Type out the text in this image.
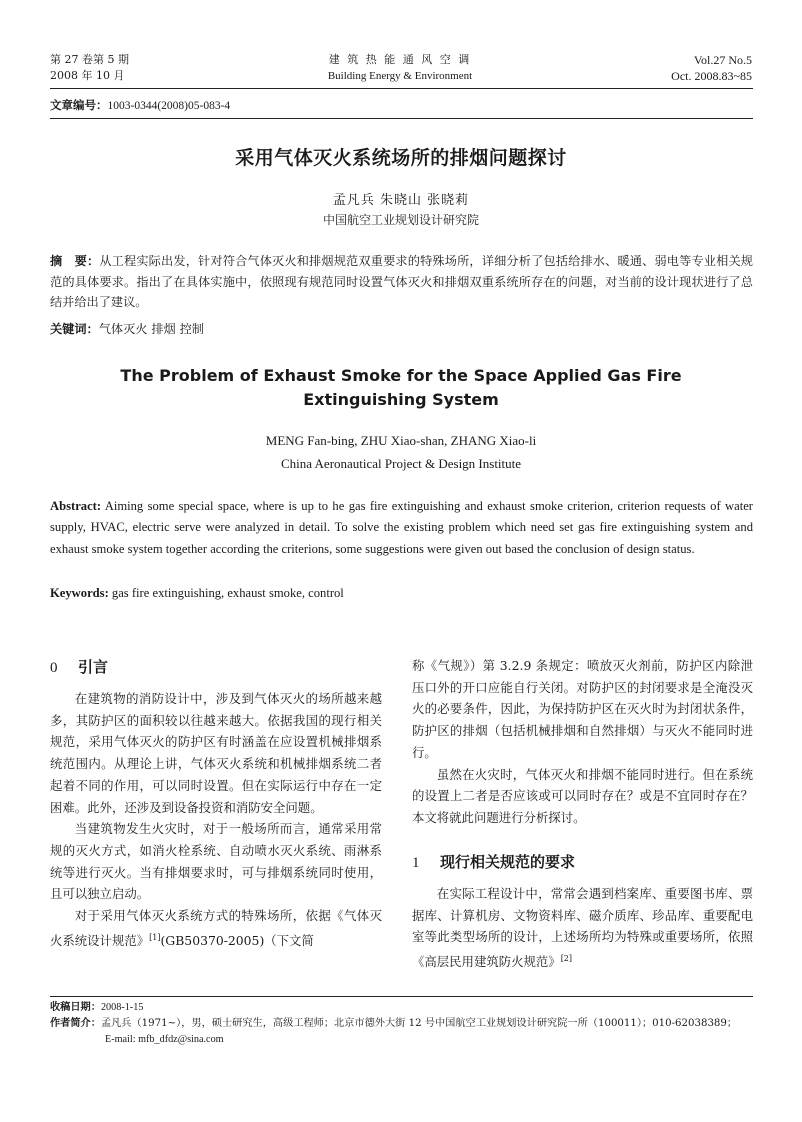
第 27 卷第 5 期
2008 年 10 月
建 筑 热 能 通 风 空 调
Building Energy & Environment
Vol.27 No.5
Oct. 2008.83~85
文章编号：1003-0344(2008)05-083-4
采用气体灭火系统场所的排烟问题探讨
孟凡兵 朱晓山 张晓莉
中国航空工业规划设计研究院
摘　要：从工程实际出发，针对符合气体灭火和排烟规范双重要求的特殊场所，详细分析了包括给排水、暖通、弱电等专业相关规范的具体要求。指出了在具体实施中，依照现有规范同时设置气体灭火和排烟双重系统所存在的问题，对当前的设计现状进行了总结并给出了建议。
关键词：气体灭火 排烟 控制
The Problem of Exhaust Smoke for the Space Applied Gas Fire
Extinguishing System
MENG Fan-bing, ZHU Xiao-shan, ZHANG Xiao-li
China Aeronautical Project & Design Institute
Abstract: Aiming some special space, where is up to he gas fire extinguishing and exhaust smoke criterion, criterion requests of water supply, HVAC, electric serve were analyzed in detail. To solve the existing problem which need set gas fire extinguishing system and exhaust smoke system together according the criterions, some suggestions were given out based the conclusion of design status.
Keywords: gas fire extinguishing, exhaust smoke, control
0 引言

在建筑物的消防设计中，涉及到气体灭火的场所越来越多，其防护区的面积较以往越来越大。依据我国的现行相关规范，采用气体灭火的防护区有时涵盖在应设置机械排烟系统范围内。从理论上讲，气体灭火系统和机械排烟系统二者起着不同的作用，可以同时设置。但在实际运行中存在一定困难。此外，还涉及到设备投资和消防安全问题。

当建筑物发生火灾时，对于一般场所而言，通常采用常规的灭火方式，如消火栓系统、自动喷水灭火系统、雨淋系统等进行灭火。当有排烟要求时，可与排烟系统同时使用，且可以独立启动。

对于采用气体灭火系统方式的特殊场所，依据《气体灭火系统设计规范》[1](GB50370-2005)（下文简

称《气规》）第 3.2.9 条规定：喷放灭火剂前，防护区内除泄压口外的开口应能自行关闭。对防护区的封闭要求是全淹没灭火的必要条件，因此，为保持防护区在灭火时为封闭状条件，防护区的排烟（包括机械排烟和自然排烟）与灭火不能同时进行。

虽然在火灾时，气体灭火和排烟不能同时进行。但在系统的设置上二者是否应该或可以同时存在？或是不宜同时存在？本文将就此问题进行分析探讨。

1 现行相关规范的要求

在实际工程设计中，常常会遇到档案库、重要图书库、票据库、计算机房、文物资料库、磁介质库、珍品库、重要配电室等此类型场所的设计，上述场所均为特殊或重要场所，依照《高层民用建筑防火规范》[2]

收稿日期：2008-1-15
作者简介：孟凡兵（1971~），男，硕士研究生，高级工程师；北京市德外大街 12 号中国航空工业规划设计研究院一所（100011）；010-62038389；
E-mail: mfb_dfdz@sina.com
